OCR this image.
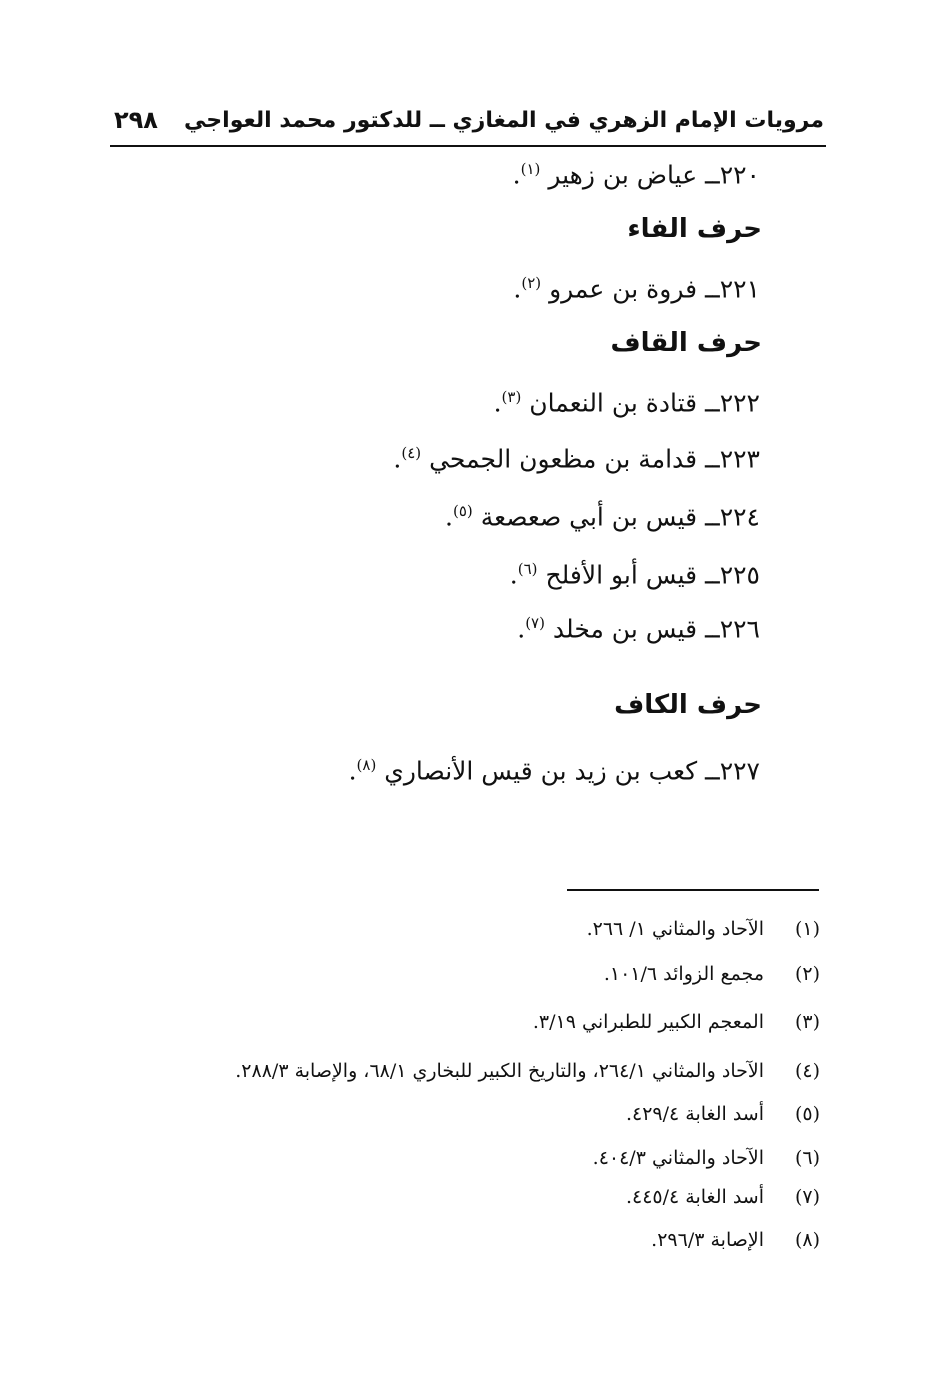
مرويات الإمام الزهري في المغازي ــ للدكتور محمد العواجي
٢٩٨
٢٢٠ــ عياض بن زهير $^{(١)}$.
حرف الفاء
٢٢١ــ فروة بن عمرو $^{(٢)}$.
حرف القاف
٢٢٢ــ قتادة بن النعمان $^{(٣)}$.
٢٢٣ــ قدامة بن مظعون الجمحي $^{(٤)}$.
٢٢٤ــ قيس بن أبي صعصعة $^{(٥)}$.
٢٢٥ــ قيس أبو الأفلح $^{(٦)}$.
٢٢٦ــ قيس بن مخلد $^{(٧)}$.
حرف الكاف
٢٢٧ــ كعب بن زيد بن قيس الأنصاري $^{(٨)}$.
(١)الآحاد والمثاني ١/ ٢٦٦.
(٢)مجمع الزوائد ١٠١/٦.
(٣)المعجم الكبير للطبراني ٣/١٩.
(٤)الآحاد والمثاني ٢٦٤/١، والتاريخ الكبير للبخاري ٦٨/١، والإصابة ٢٨٨/٣.
(٥)أسد الغابة ٤٢٩/٤.
(٦)الآحاد والمثاني ٤٠٤/٣.
(٧)أسد الغابة ٤٤٥/٤.
(٨)الإصابة ٢٩٦/٣.
